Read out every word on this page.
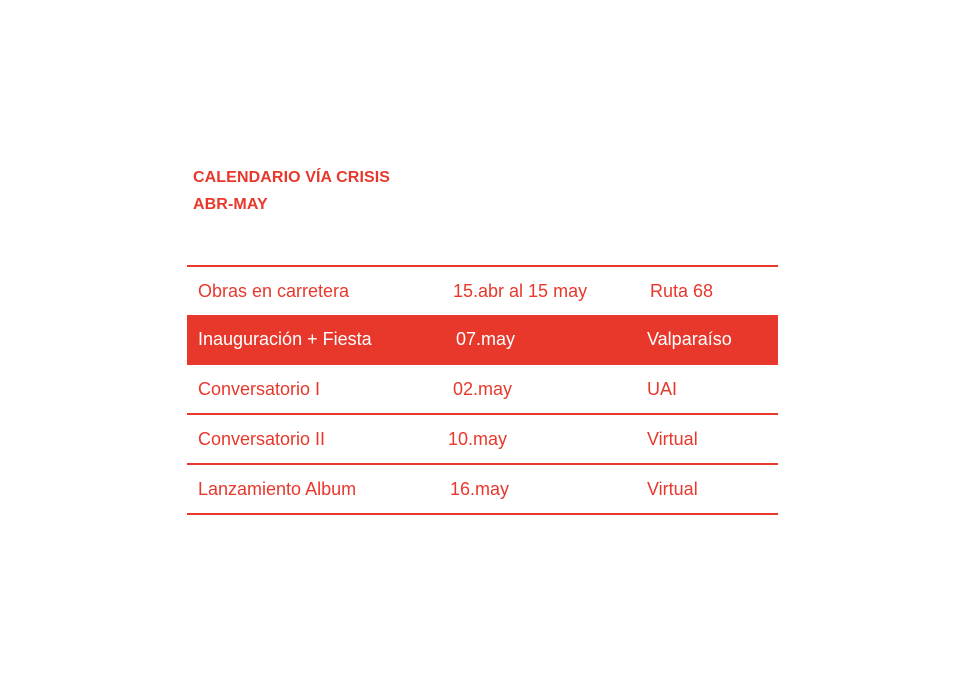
CALENDARIO VÍA CRISIS
ABR-MAY
Obras en carretera	15.abr al 15 may	Ruta 68
Inauguración + Fiesta	07.may	Valparaíso
Conversatorio I	02.may	UAI
Conversatorio II	10.may	Virtual
Lanzamiento Album	16.may	Virtual
